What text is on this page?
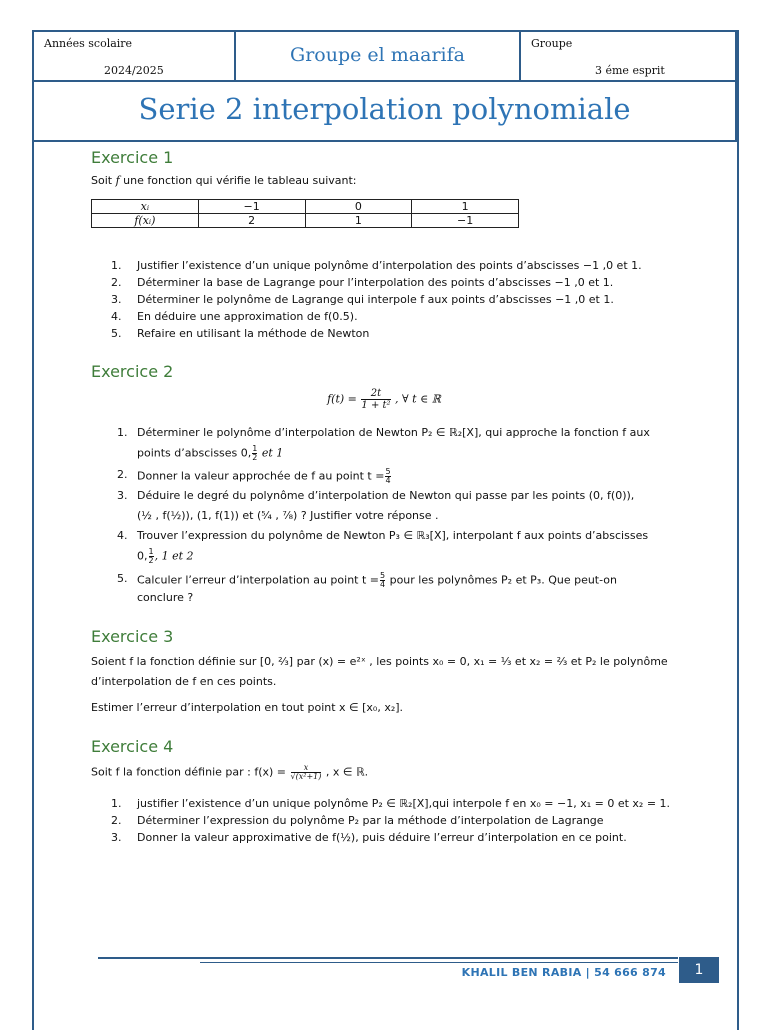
Années scolaire
2024/2025
Groupe el maarifa
Groupe
3 éme esprit
Serie 2 interpolation polynomiale
Exercice 1
Soit f une fonction qui vérifie le tableau suivant:
xᵢ	−1	0	1
f(xᵢ)	2	1	−1
1. Justifier l’existence d’un unique polynôme d’interpolation des points d’abscisses −1 ,0 et 1.
2. Déterminer la base de Lagrange pour l’interpolation des points d’abscisses −1 ,0 et 1.
3. Déterminer le polynôme de Lagrange qui interpole f aux points d’abscisses −1 ,0 et 1.
4. En déduire une approximation de f(0.5).
5. Refaire en utilisant la méthode de Newton
Exercice 2
$f(t) = \frac{2t}{\text{1 + t²}}$ , ∀ t ∈ ℝ
1. Déterminer le polynôme d’interpolation de Newton P₂ ∈ ℝ₂[X], qui approche la fonction f aux
points d’abscisses 0, $\frac{1}{2}$ et 1
2. Donner la valeur approchée de f au point $t = \frac{5}{4}$
3. Déduire le degré du polynôme d’interpolation de Newton qui passe par les points (0, f(0)),
(½ , f(½)), (1, f(1)) et (⁵⁄₄ , ⁷⁄₈) ? Justifier votre réponse .
4. Trouver l’expression du polynôme de Newton P₃ ∈ ℝ₃[X], interpolant f aux points d’abscisses
0, $\frac{1}{2}$ , 1 et 2
5. Calculer l’erreur d’interpolation au point $t = \frac{5}{4}$ pour les polynômes P₂ et P₃. Que peut-on
conclure ?
Exercice 3
Soient f la fonction définie sur [0, ⅔] par (x) = e²ˣ , les points x₀ = 0, x₁ = ⅓ et x₂ = ⅔ et P₂ le polynôme
d’interpolation de f en ces points.
Estimer l’erreur d’interpolation en tout point x ∈ [x₀, x₂].
Exercice 4
Soit f la fonction définie par : $f(x) = \frac{x}{\text{√(x²+1)}}$ , x ∈ ℝ.
1. justifier l’existence d’un unique polynôme P₂ ∈ ℝ₂[X],qui interpole f en x₀ = −1, x₁ = 0 et x₂ = 1.
2. Déterminer l’expression du polynôme P₂ par la méthode d’interpolation de Lagrange
3. Donner la valeur approximative de f(½), puis déduire l’erreur d’interpolation en ce point.
KHALIL BEN RABIA | 54 666 874	1
